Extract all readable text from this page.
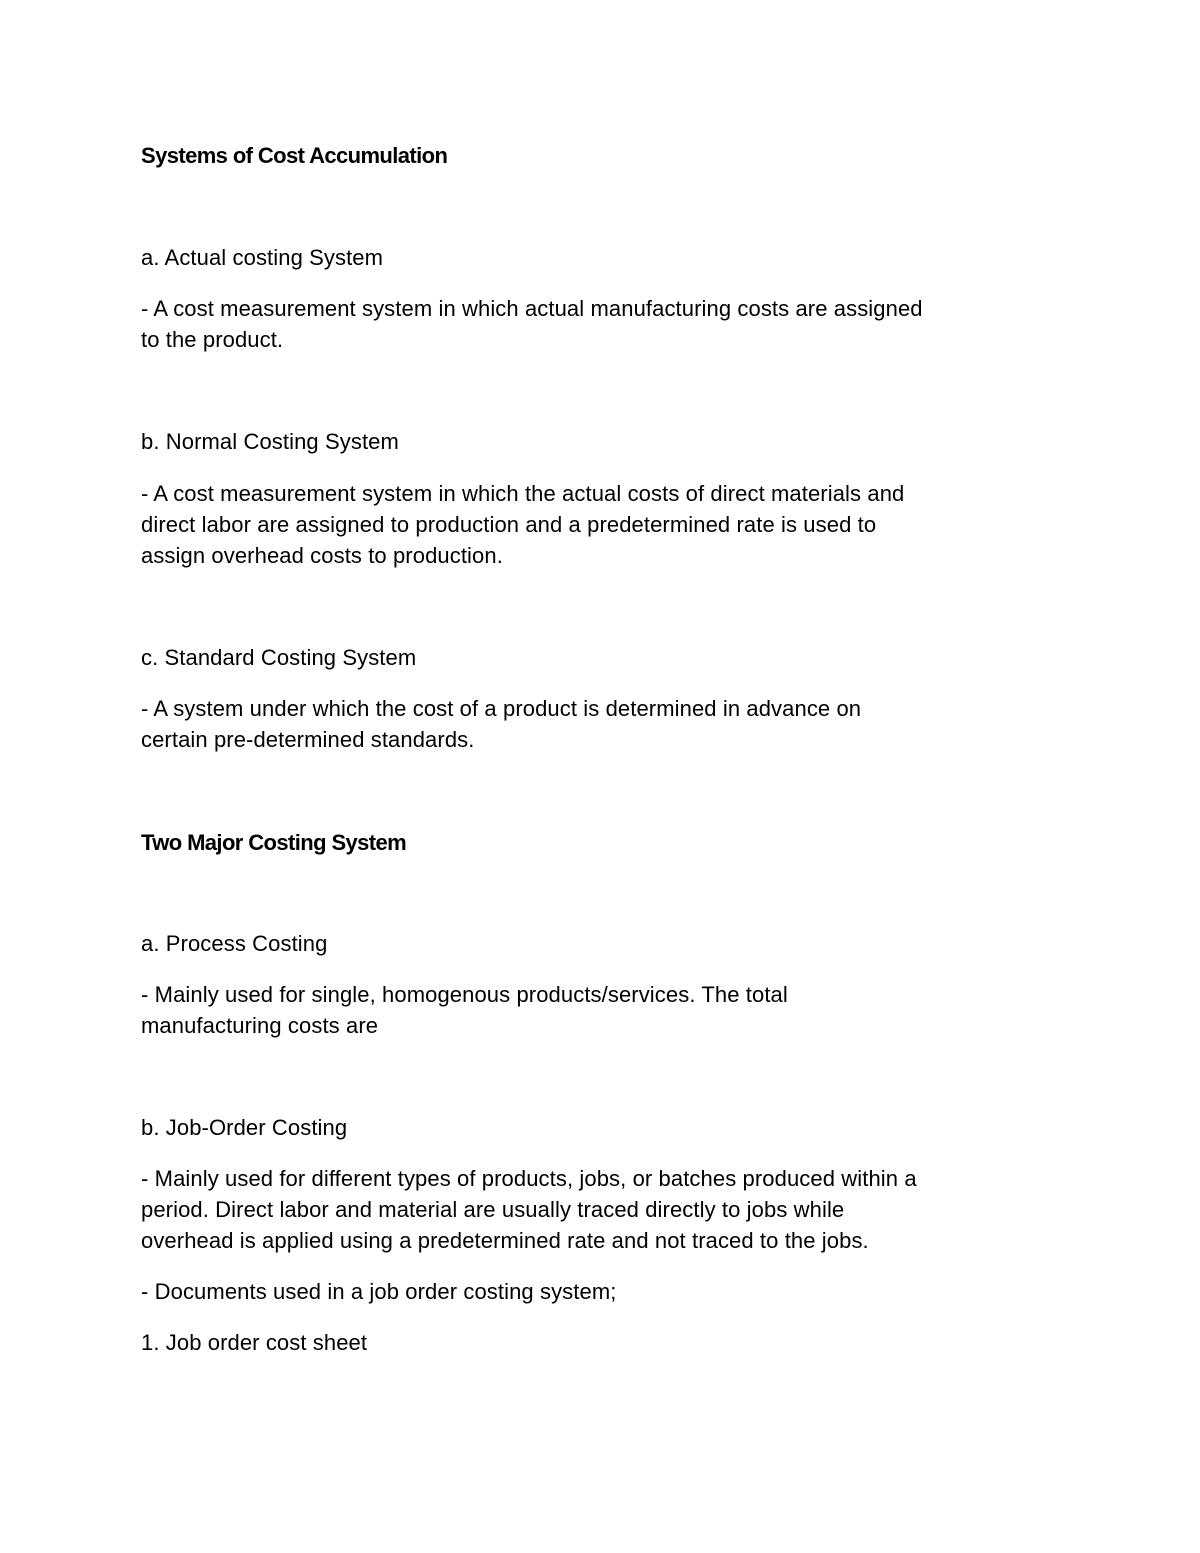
Systems of Cost Accumulation
a. Actual costing System
- A cost measurement system in which actual manufacturing costs are assigned
to the product.
b. Normal Costing System
- A cost measurement system in which the actual costs of direct materials and
direct labor are assigned to production and a predetermined rate is used to
assign overhead costs to production.
c. Standard Costing System
- A system under which the cost of a product is determined in advance on
certain pre-determined standards.
Two Major Costing System
a. Process Costing
- Mainly used for single, homogenous products/services. The total
manufacturing costs are
b. Job-Order Costing
- Mainly used for different types of products, jobs, or batches produced within a
period. Direct labor and material are usually traced directly to jobs while
overhead is applied using a predetermined rate and not traced to the jobs.
- Documents used in a job order costing system;
1. Job order cost sheet
